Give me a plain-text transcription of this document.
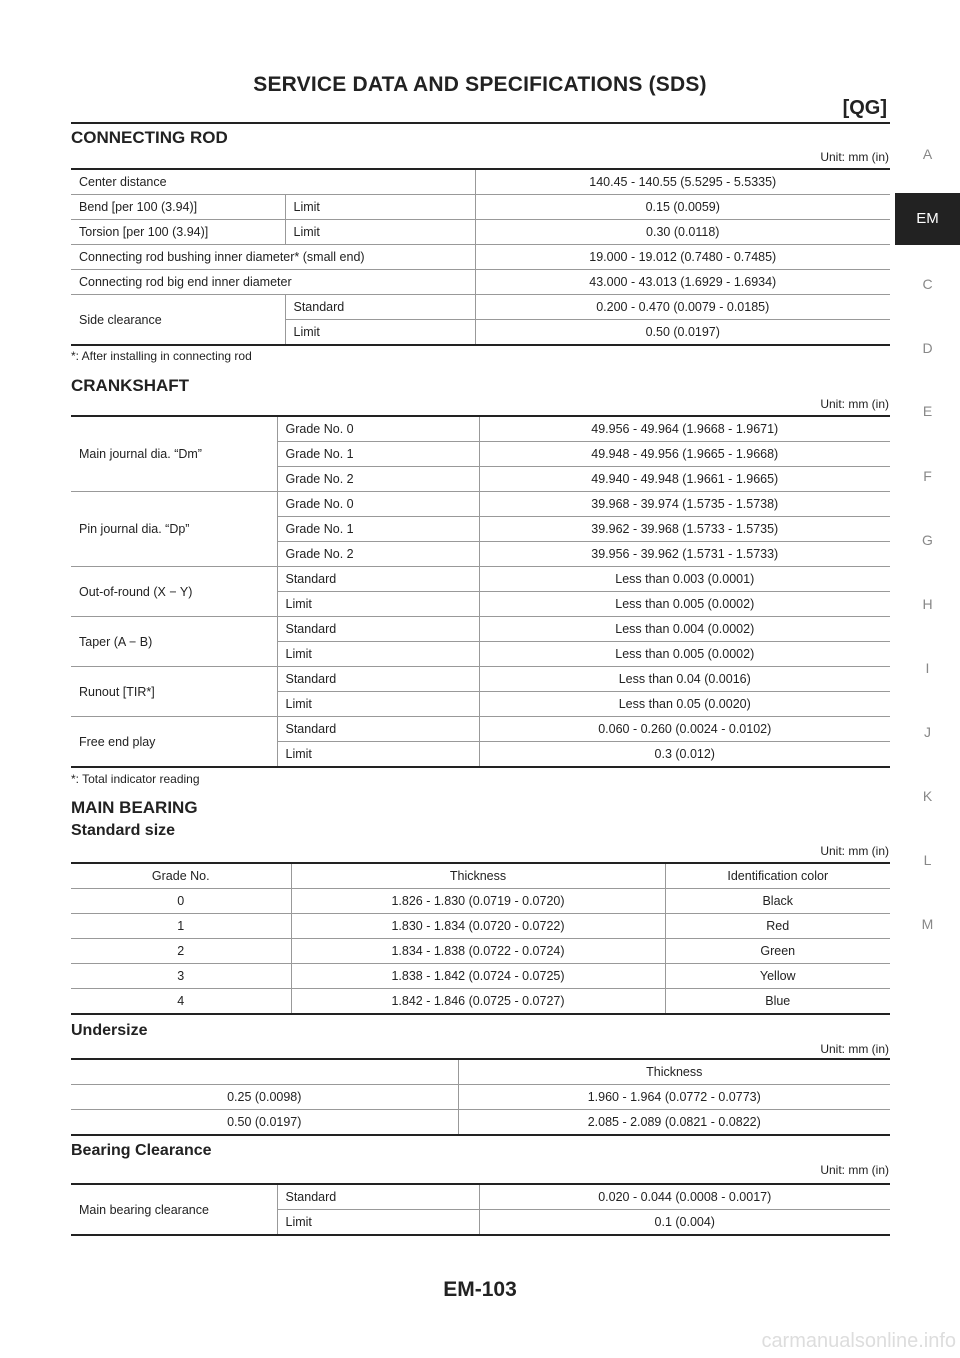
SERVICE DATA AND SPECIFICATIONS (SDS)
[QG]
A
EM
C
D
E
F
G
H
I
J
K
L
M
CONNECTING ROD
Unit: mm (in)
Center distance		140.45 - 140.55 (5.5295 - 5.5335)
Bend [per 100 (3.94)]	Limit	0.15 (0.0059)
Torsion [per 100 (3.94)]	Limit	0.30 (0.0118)
Connecting rod bushing inner diameter* (small end)		19.000 - 19.012 (0.7480 - 0.7485)
Connecting rod big end inner diameter		43.000 - 43.013 (1.6929 - 1.6934)
Side clearance	Standard	0.200 - 0.470 (0.0079 - 0.0185)
	Limit	0.50 (0.0197)
*: After installing in connecting rod
CRANKSHAFT
Unit: mm (in)
Main journal dia. “Dm”	Grade No. 0	49.956 - 49.964 (1.9668 - 1.9671)
	Grade No. 1	49.948 - 49.956 (1.9665 - 1.9668)
	Grade No. 2	49.940 - 49.948 (1.9661 - 1.9665)
Pin journal dia. “Dp”	Grade No. 0	39.968 - 39.974 (1.5735 - 1.5738)
	Grade No. 1	39.962 - 39.968 (1.5733 - 1.5735)
	Grade No. 2	39.956 - 39.962 (1.5731 - 1.5733)
Out-of-round (X − Y)	Standard	Less than 0.003 (0.0001)
	Limit	Less than 0.005 (0.0002)
Taper (A − B)	Standard	Less than 0.004 (0.0002)
	Limit	Less than 0.005 (0.0002)
Runout [TIR*]	Standard	Less than 0.04 (0.0016)
	Limit	Less than 0.05 (0.0020)
Free end play	Standard	0.060 - 0.260 (0.0024 - 0.0102)
	Limit	0.3 (0.012)
*: Total indicator reading
MAIN BEARING
Standard size
Unit: mm (in)
Grade No.	Thickness	Identification color
0	1.826 - 1.830 (0.0719 - 0.0720)	Black
1	1.830 - 1.834 (0.0720 - 0.0722)	Red
2	1.834 - 1.838 (0.0722 - 0.0724)	Green
3	1.838 - 1.842 (0.0724 - 0.0725)	Yellow
4	1.842 - 1.846 (0.0725 - 0.0727)	Blue
Undersize
Unit: mm (in)
	Thickness
0.25 (0.0098)	1.960 - 1.964 (0.0772 - 0.0773)
0.50 (0.0197)	2.085 - 2.089 (0.0821 - 0.0822)
Bearing Clearance
Unit: mm (in)
Main bearing clearance	Standard	0.020 - 0.044 (0.0008 - 0.0017)
	Limit	0.1 (0.004)
EM-103
carmanualsonline.info
